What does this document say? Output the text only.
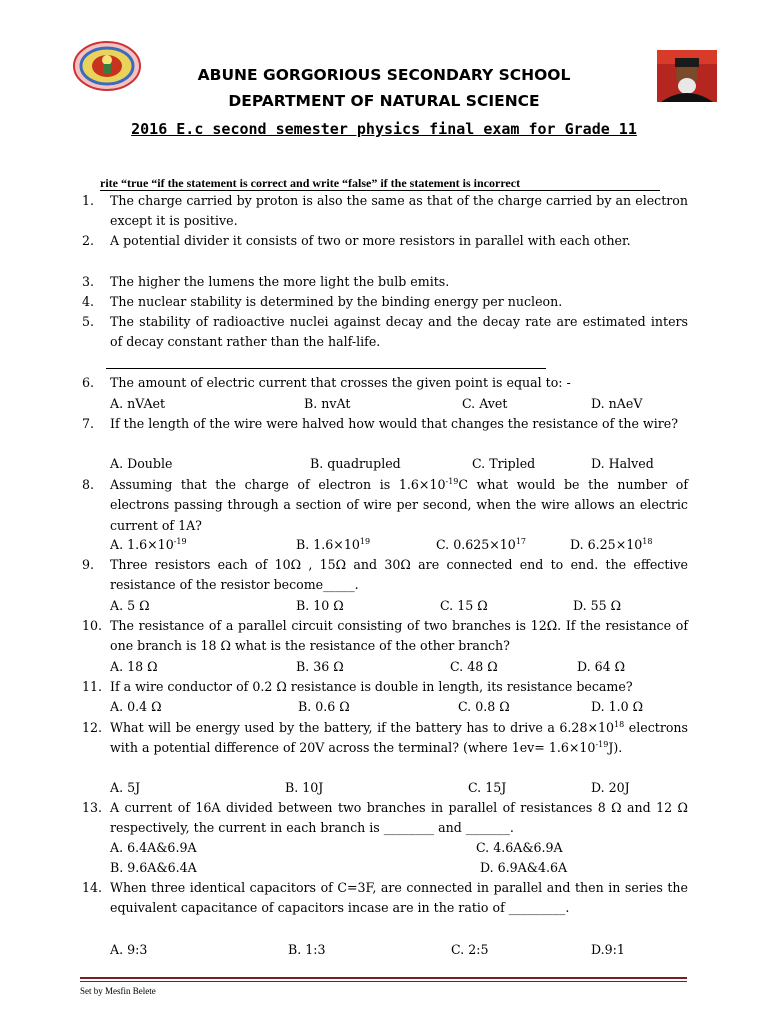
ABUNE GORGORIOUS SECONDARY SCHOOL
DEPARTMENT OF NATURAL SCIENCE
2016 E.c second semester physics final exam for Grade 11
rite “true “if the statement is correct and write “false” if the statement is incorrect
1.	The charge carried by proton is also the same as that of the charge carried by an electron except it is positive.
2.	A potential divider it consists of two or more resistors in parallel with each other.
3.	The higher the lumens the more light the bulb emits.
4.	The nuclear stability is determined by the binding energy per nucleon.
5.	The stability of radioactive nuclei against decay and the decay rate are estimated inters of decay constant rather than the half-life.
6.	The amount of electric current that crosses the given point is equal to: -
A. nVAet	B. nvAt	C. Avet	D. nAeV
7.	If the length of the wire were halved how would that changes the resistance of the wire?
A. Double	B. quadrupled	C. Tripled	D. Halved
8.	Assuming that the charge of electron is $1.6\times 10^{-19}C$ what would be the number of electrons passing through a section of wire per second, when the wire allows an electric current of 1A?
A. $1.6\times 10^{-19}$	B. $1.6\times 10^{19}$	C. $0.625\times 10^{17}$	D. $6.25\times 10^{18}$
9.	Three resistors each of 10Ω , 15Ω and 30Ω are connected end to end. the effective resistance of the resistor become_____.
A. 5 Ω	B. 10 Ω	C. 15 Ω	D. 55 Ω
10. The resistance of a parallel circuit consisting of two branches is 12Ω. If the resistance of one branch is 18 Ω what is the resistance of the other branch?
A. 18 Ω	B. 36 Ω	C. 48 Ω	D. 64 Ω
11. If a wire conductor of 0.2 Ω resistance is double in length, its resistance became?
A. 0.4 Ω	B. 0.6 Ω	C. 0.8 Ω	D. 1.0 Ω
12. What will be energy used by the battery, if the battery has to drive a $6.28\times 10^{18}$ electrons with a potential difference of 20V across the terminal? (where $1ev= 1.6\times 10^{-19}J$).
A. 5J	B. 10J	C. 15J	D. 20J
13. A current of 16A divided between two branches in parallel of resistances 8 Ω and 12 Ω respectively, the current in each branch is ________ and _______.
A. 6.4A&6.9A	C. 4.6A&6.9A
B. 9.6A&6.4A	D. 6.9A&4.6A
14. When three identical capacitors of C=3F, are connected in parallel and then in series the equivalent capacitance of capacitors incase are in the ratio of _________.
A. 9:3	B. 1:3	C. 2:5	D.9:1
Set by Mesfin Belete
